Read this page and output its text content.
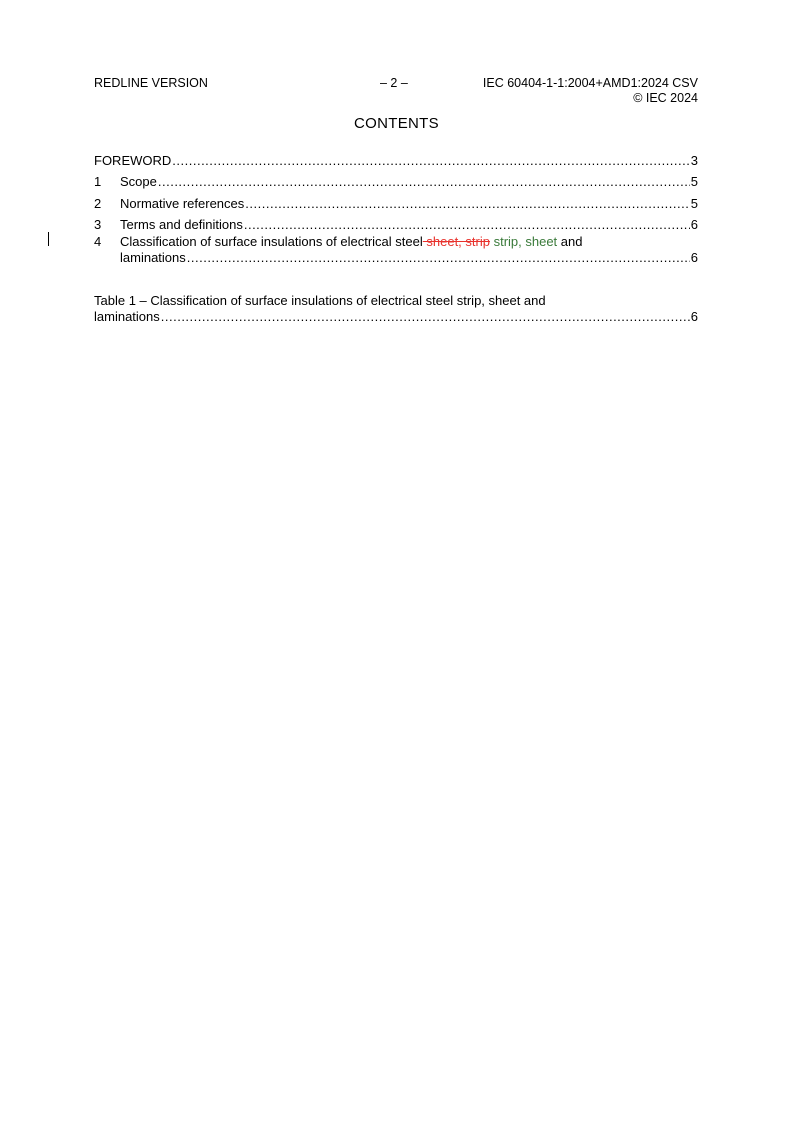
REDLINE VERSION	– 2 –	IEC 60404-1-1:2004+AMD1:2024 CSV
© IEC 2024
CONTENTS
FOREWORD .....	3
1	Scope .....	5
2	Normative references .....	5
3	Terms and definitions .....	6
4	Classification of surface insulations of electrical steel sheet, strip strip, sheet and
laminations .....	6
Table 1 – Classification of surface insulations of electrical steel strip, sheet and
laminations .....	6
